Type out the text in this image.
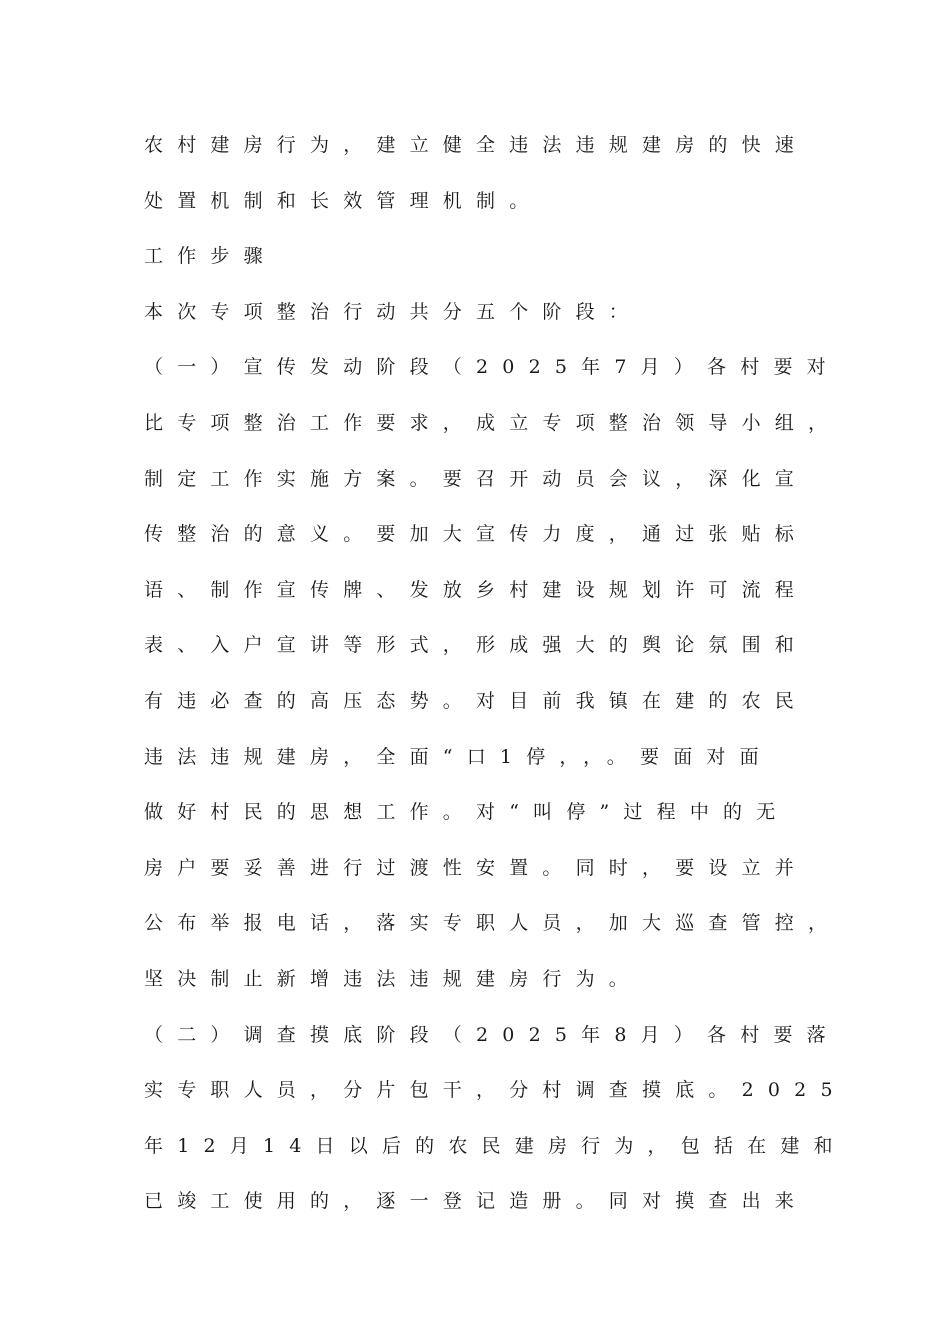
农村建房行为，建立健全违法违规建房的快速
处置机制和长效管理机制。
工作步骤
本次专项整治行动共分五个阶段：
（一）宣传发动阶段（2025年7月）各村要对
比专项整治工作要求，成立专项整治领导小组，
制定工作实施方案。要召开动员会议，深化宣
传整治的意义。要加大宣传力度，通过张贴标
语、制作宣传牌、发放乡村建设规划许可流程
表、入户宣讲等形式，形成强大的舆论氛围和
有违必查的高压态势。对目前我镇在建的农民
违法违规建房，全面“口1停，，。要面对面
做好村民的思想工作。对“叫停”过程中的无
房户要妥善进行过渡性安置。同时，要设立并
公布举报电话，落实专职人员，加大巡查管控，
坚决制止新增违法违规建房行为。
（二）调查摸底阶段（2025年8月）各村要落
实专职人员，分片包干，分村调查摸底。2025
年12月14日以后的农民建房行为，包括在建和
已竣工使用的，逐一登记造册。同对摸查出来
